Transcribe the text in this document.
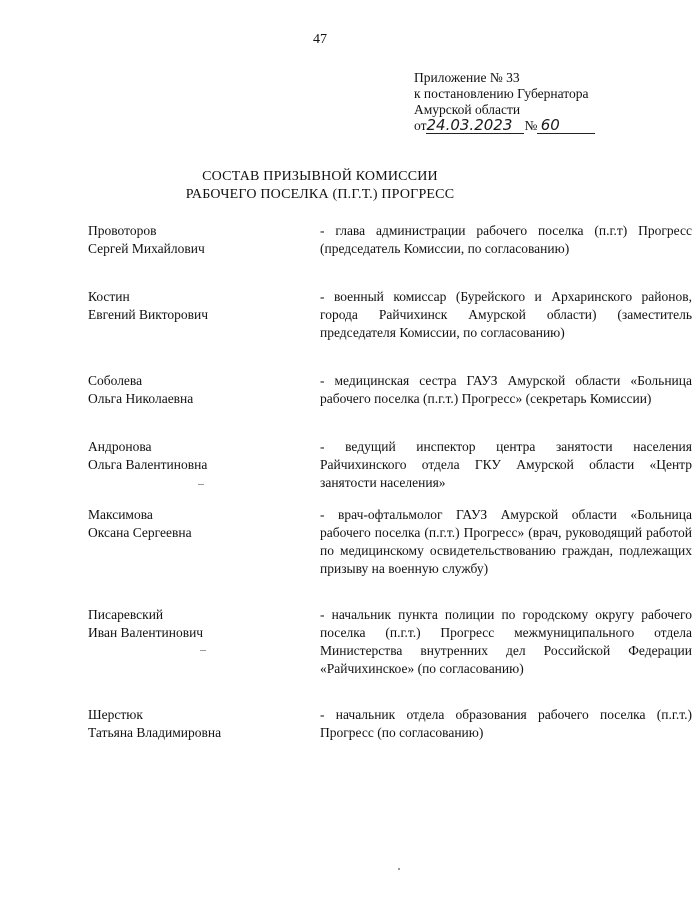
47
Приложение № 33
к постановлению Губернатора
Амурской области
от24.03.2023 № 60
СОСТАВ ПРИЗЫВНОЙ КОМИССИИ
РАБОЧЕГО ПОСЕЛКА (П.Г.Т.) ПРОГРЕСС
Провоторов
Сергей Михайлович
- глава администрации рабочего поселка (п.г.т) Прогресс (председатель Комиссии, по согласованию)
Костин
Евгений Викторович
- военный комиссар (Бурейского и Архаринского районов, города Райчихинск Амурской области) (заместитель председателя Комиссии, по согласованию)
Соболева
Ольга Николаевна
- медицинская сестра ГАУЗ Амурской области «Больница рабочего поселка (п.г.т.) Прогресс» (секретарь Комиссии)
Андронова
Ольга Валентиновна
- ведущий инспектор центра занятости населения Райчихинского отдела ГКУ Амурской области «Центр занятости населения»
Максимова
Оксана Сергеевна
- врач-офтальмолог ГАУЗ Амурской области «Больница рабочего поселка (п.г.т.) Прогресс» (врач, руководящий работой по медицинскому освидетельствованию граждан, подлежащих призыву на военную службу)
Писаревский
Иван Валентинович
- начальник пункта полиции по городскому округу рабочего поселка (п.г.т.) Прогресс межмуниципального отдела Министерства внутренних дел Российской Федерации «Райчихинское» (по согласованию)
Шерстюк
Татьяна Владимировна
- начальник отдела образования рабочего поселка (п.г.т.) Прогресс (по согласованию)
